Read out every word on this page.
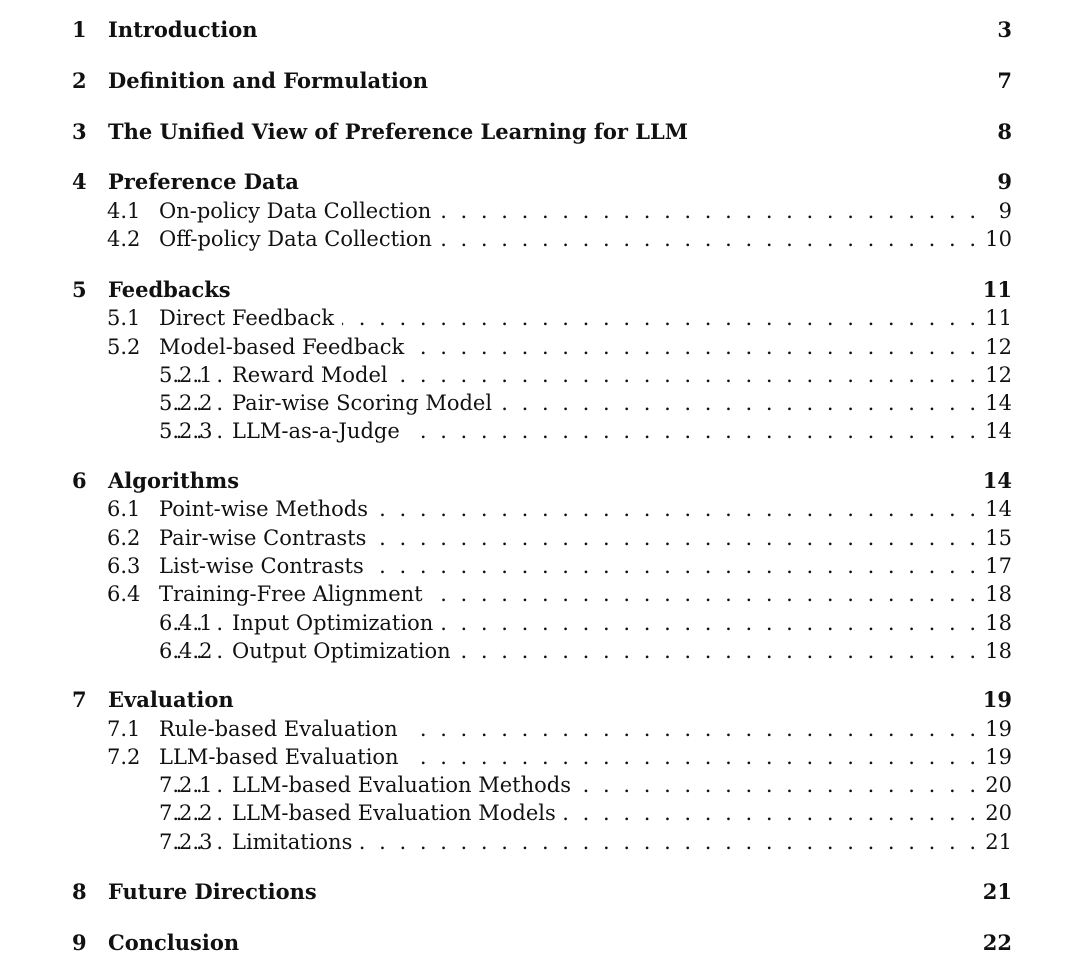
1 Introduction	3
2 Definition and Formulation	7
3 The Unified View of Preference Learning for LLM	8
4 Preference Data	9
4.1 . . . On-policy Data Collection	9
4.2 . . . Off-policy Data Collection	10
5 Feedbacks	11
5.1 . . . Direct Feedback	11
5.2 . . . Model-based Feedback	12
5.2.1 . . . Reward Model	12
5.2.2 . . . Pair-wise Scoring Model	14
5.2.3 . . . LLM-as-a-Judge	14
6 Algorithms	14
6.1 . . . Point-wise Methods	14
6.2 . . . Pair-wise Contrasts	15
6.3 . . . List-wise Contrasts	17
6.4 . . . Training-Free Alignment	18
6.4.1 . . . Input Optimization	18
6.4.2 . . . Output Optimization	18
7 Evaluation	19
7.1 . . . Rule-based Evaluation	19
7.2 . . . LLM-based Evaluation	19
7.2.1 . . . LLM-based Evaluation Methods	20
7.2.2 . . . LLM-based Evaluation Models	20
7.2.3 . . . Limitations	21
8 Future Directions	21
9 Conclusion	22
